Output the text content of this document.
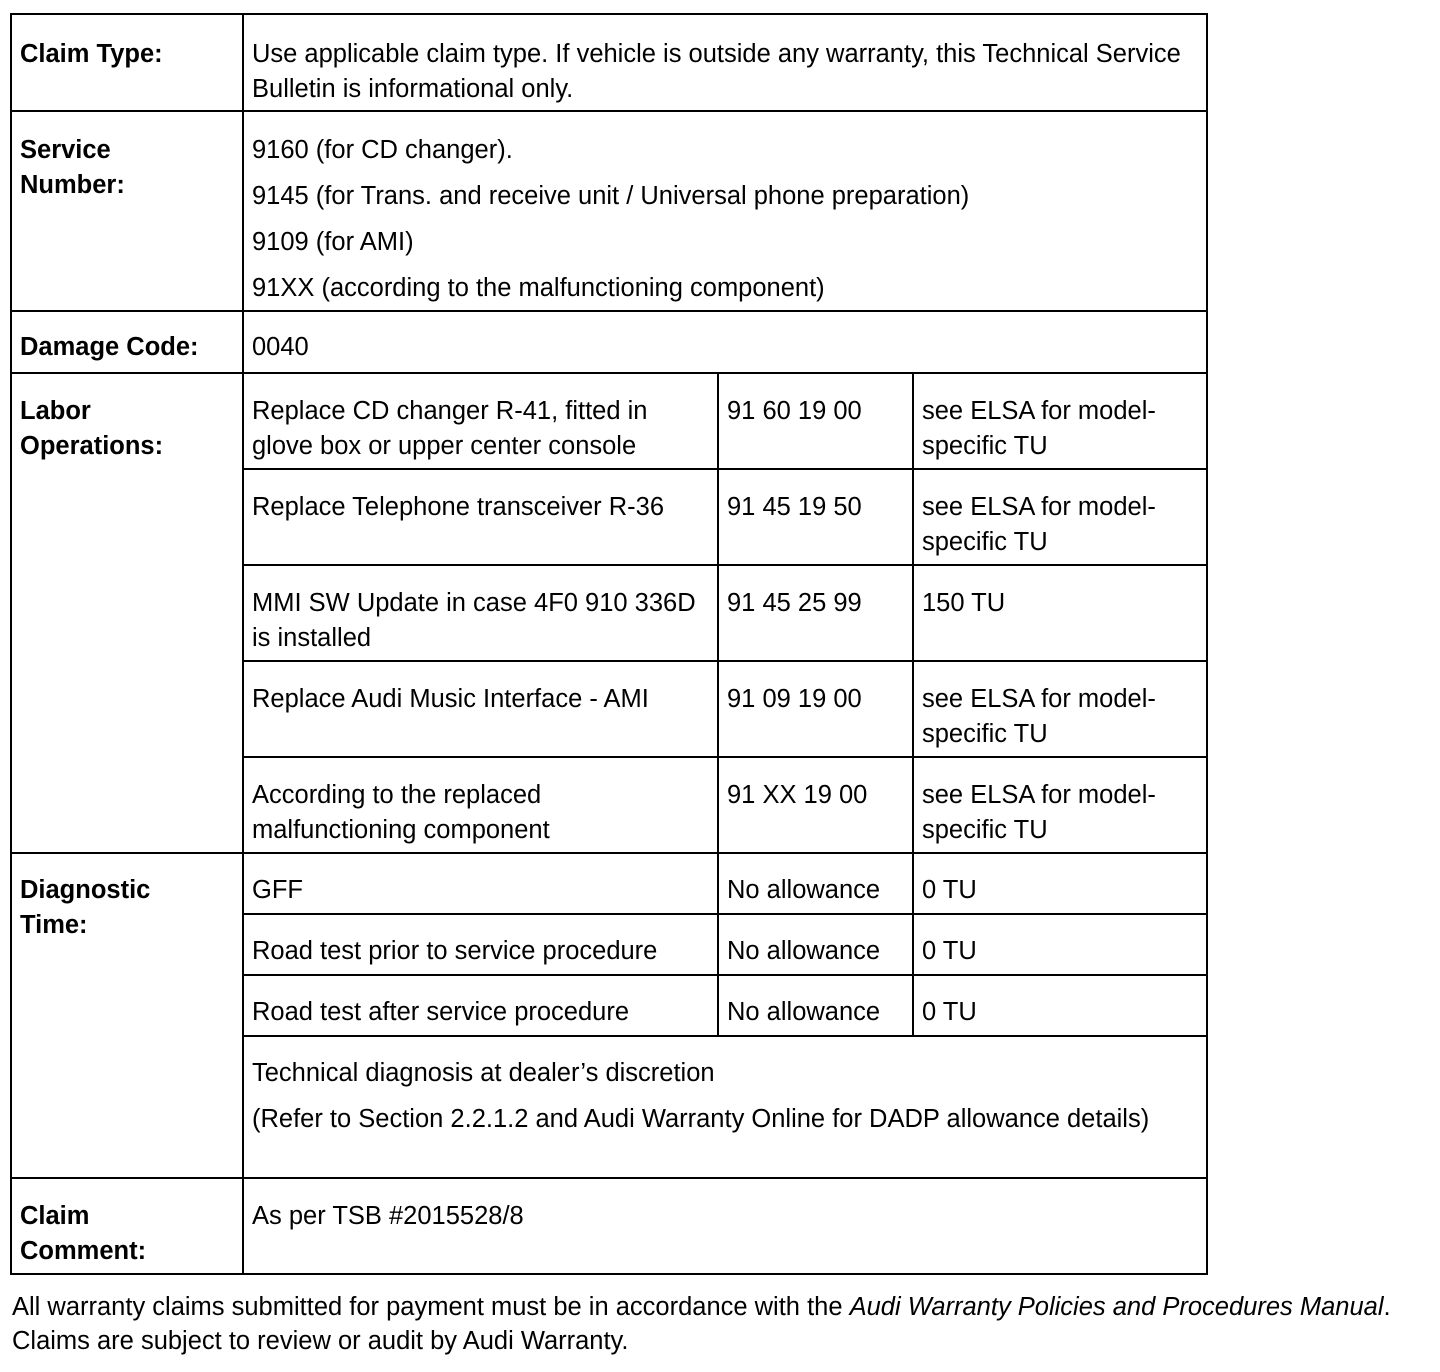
Claim Type:	Use applicable claim type. If vehicle is outside any warranty, this Technical Service Bulletin is informational only.		

Service
Number:	9160 (for CD changer).
9145 (for Trans. and receive unit / Universal phone preparation)
9109 (for AMI)
91XX (according to the malfunctioning component)		

Damage Code:	0040		

Labor
Operations:	Replace CD changer R-41, fitted in glove box or upper center console	91 60 19 00	see ELSA for model-specific TU
	Replace Telephone transceiver R-36	91 45 19 50	see ELSA for model-specific TU
	MMI SW Update in case 4F0 910 336D is installed	91 45 25 99	150 TU
	Replace Audi Music Interface - AMI	91 09 19 00	see ELSA for model-specific TU
	According to the replaced malfunctioning component	91 XX 19 00	see ELSA for model-specific TU

Diagnostic
Time:	GFF	No allowance	0 TU
	Road test prior to service procedure	No allowance	0 TU
	Road test after service procedure	No allowance	0 TU

	Technical diagnosis at dealer’s discretion
(Refer to Section 2.2.1.2 and Audi Warranty Online for DADP allowance details)		

Claim
Comment:	As per TSB #2015528/8		

All warranty claims submitted for payment must be in accordance with the Audi Warranty Policies and Procedures Manual. Claims are subject to review or audit by Audi Warranty.
